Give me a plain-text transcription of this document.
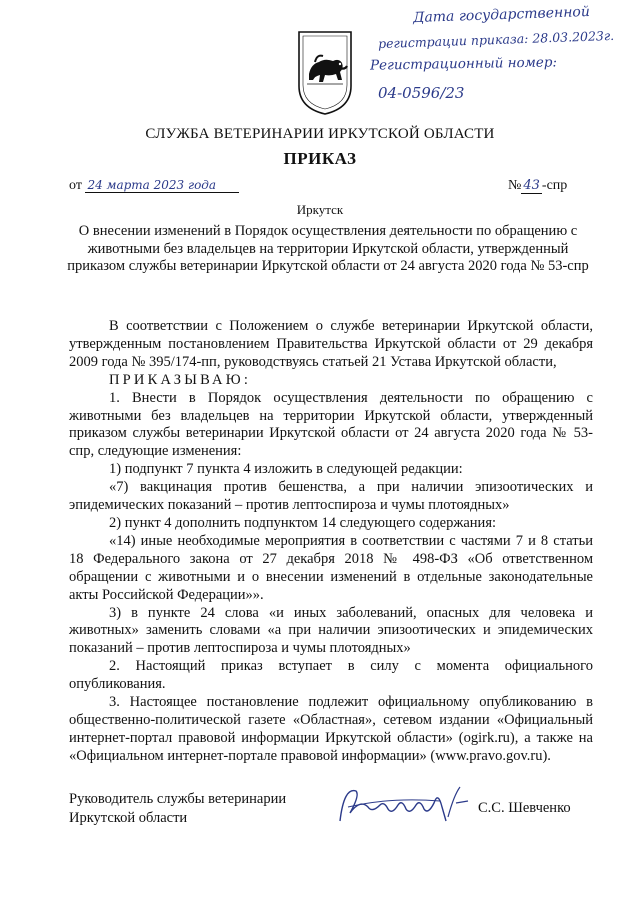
Дата государственной
регистрации приказа: 28.03.2023г.
Регистрационный номер:
04-0596/23
СЛУЖБА ВЕТЕРИНАРИИ ИРКУТСКОЙ ОБЛАСТИ
ПРИКАЗ
от 24 марта 2023 года	№ 43 -спр
Иркутск
О внесении изменений в Порядок осуществления деятельности по обращению с животными без владельцев на территории Иркутской области, утвержденный приказом службы ветеринарии Иркутской области от 24 августа 2020 года № 53-спр

В соответствии с Положением о службе ветеринарии Иркутской области, утвержденным постановлением Правительства Иркутской области от 29 декабря 2009 года № 395/174-пп, руководствуясь статьей 21 Устава Иркутской области,

ПРИКАЗЫВАЮ:

1. Внести в Порядок осуществления деятельности по обращению с животными без владельцев на территории Иркутской области, утвержденный приказом службы ветеринарии Иркутской области от 24 августа 2020 года № 53-спр, следующие изменения:

1) подпункт 7 пункта 4 изложить в следующей редакции:

«7) вакцинация против бешенства, а при наличии эпизоотических и эпидемических показаний – против лептоспироза и чумы плотоядных»

2) пункт 4 дополнить подпунктом 14 следующего содержания:

«14) иные необходимые мероприятия в соответствии с частями 7 и 8 статьи 18 Федерального закона от 27 декабря 2018 № 498-ФЗ «Об ответственном обращении с животными и о внесении изменений в отдельные законодательные акты Российской Федерации»».

3) в пункте 24 слова «и иных заболеваний, опасных для человека и животных» заменить словами «а при наличии эпизоотических и эпидемических показаний – против лептоспироза и чумы плотоядных»

2. Настоящий приказ вступает в силу с момента официального опубликования.

3. Настоящее постановление подлежит официальному опубликованию в общественно-политической газете «Областная», сетевом издании «Официальный интернет-портал правовой информации Иркутской области» (ogirk.ru), а также на «Официальном интернет-портале правовой информации» (www.pravo.gov.ru).

Руководитель службы ветеринарии
Иркутской области
С.С. Шевченко
